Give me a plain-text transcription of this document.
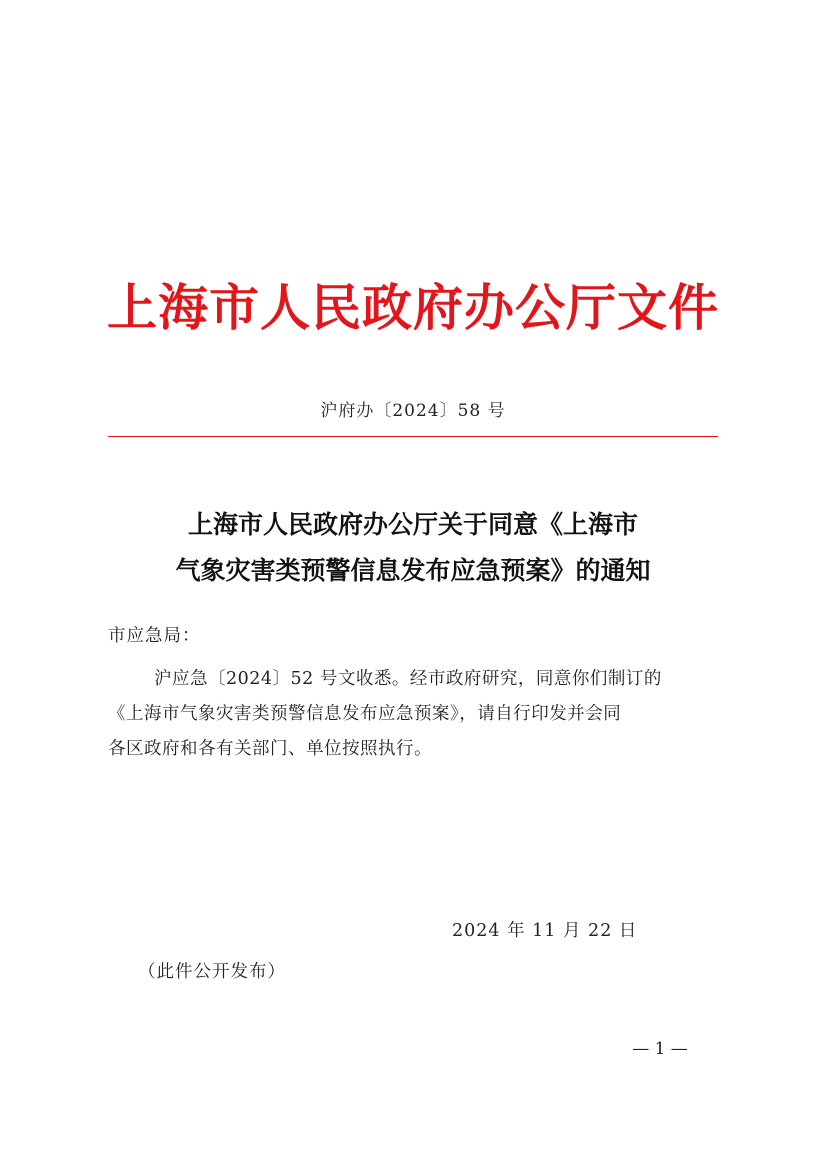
上海市人民政府办公厅文件
沪府办〔2024〕58 号
上海市人民政府办公厅关于同意《上海市
气象灾害类预警信息发布应急预案》的通知
市应急局：
沪应急〔2024〕52 号文收悉。经市政府研究，同意你们制订的
《上海市气象灾害类预警信息发布应急预案》，请自行印发并会同
各区政府和各有关部门、单位按照执行。
2024 年 11 月 22 日
（此件公开发布）
— 1 —
